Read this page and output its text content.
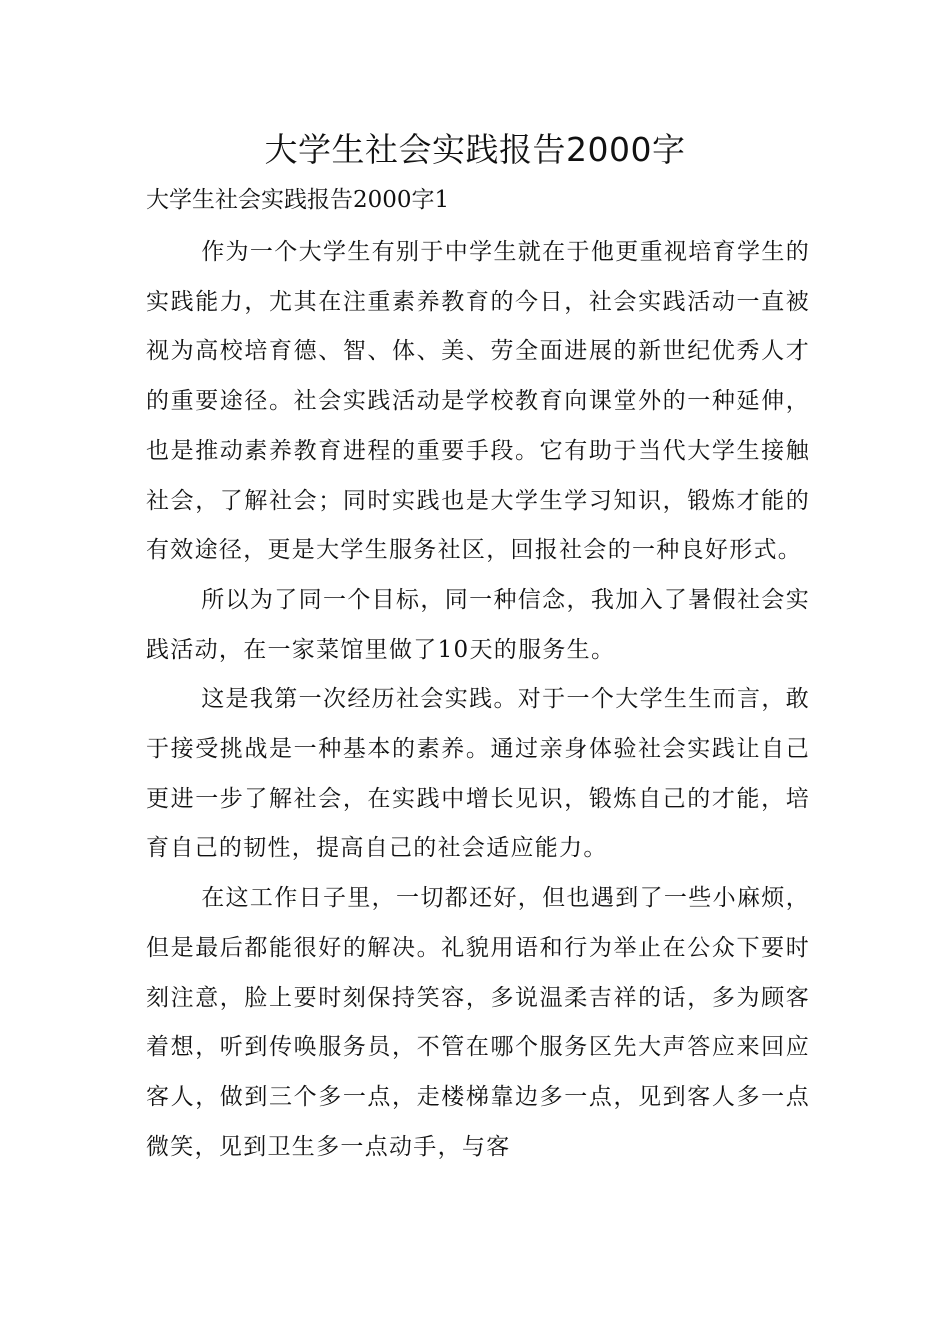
大学生社会实践报告2000字

大学生社会实践报告2000字1

作为一个大学生有别于中学生就在于他更重视培育学生的实践能力，尤其在注重素养教育的今日，社会实践活动一直被视为高校培育德、智、体、美、劳全面进展的新世纪优秀人才的重要途径。社会实践活动是学校教育向课堂外的一种延伸，也是推动素养教育进程的重要手段。它有助于当代大学生接触社会，了解社会；同时实践也是大学生学习知识，锻炼才能的有效途径，更是大学生服务社区，回报社会的一种良好形式。

所以为了同一个目标，同一种信念，我加入了暑假社会实践活动，在一家菜馆里做了10天的服务生。

这是我第一次经历社会实践。对于一个大学生生而言，敢于接受挑战是一种基本的素养。通过亲身体验社会实践让自己更进一步了解社会，在实践中增长见识，锻炼自己的才能，培育自己的韧性，提高自己的社会适应能力。

在这工作日子里，一切都还好，但也遇到了一些小麻烦，但是最后都能很好的解决。礼貌用语和行为举止在公众下要时刻注意，脸上要时刻保持笑容，多说温柔吉祥的话，多为顾客着想，听到传唤服务员，不管在哪个服务区先大声答应来回应客人，做到三个多一点，走楼梯靠边多一点，见到客人多一点微笑，见到卫生多一点动手，与客
